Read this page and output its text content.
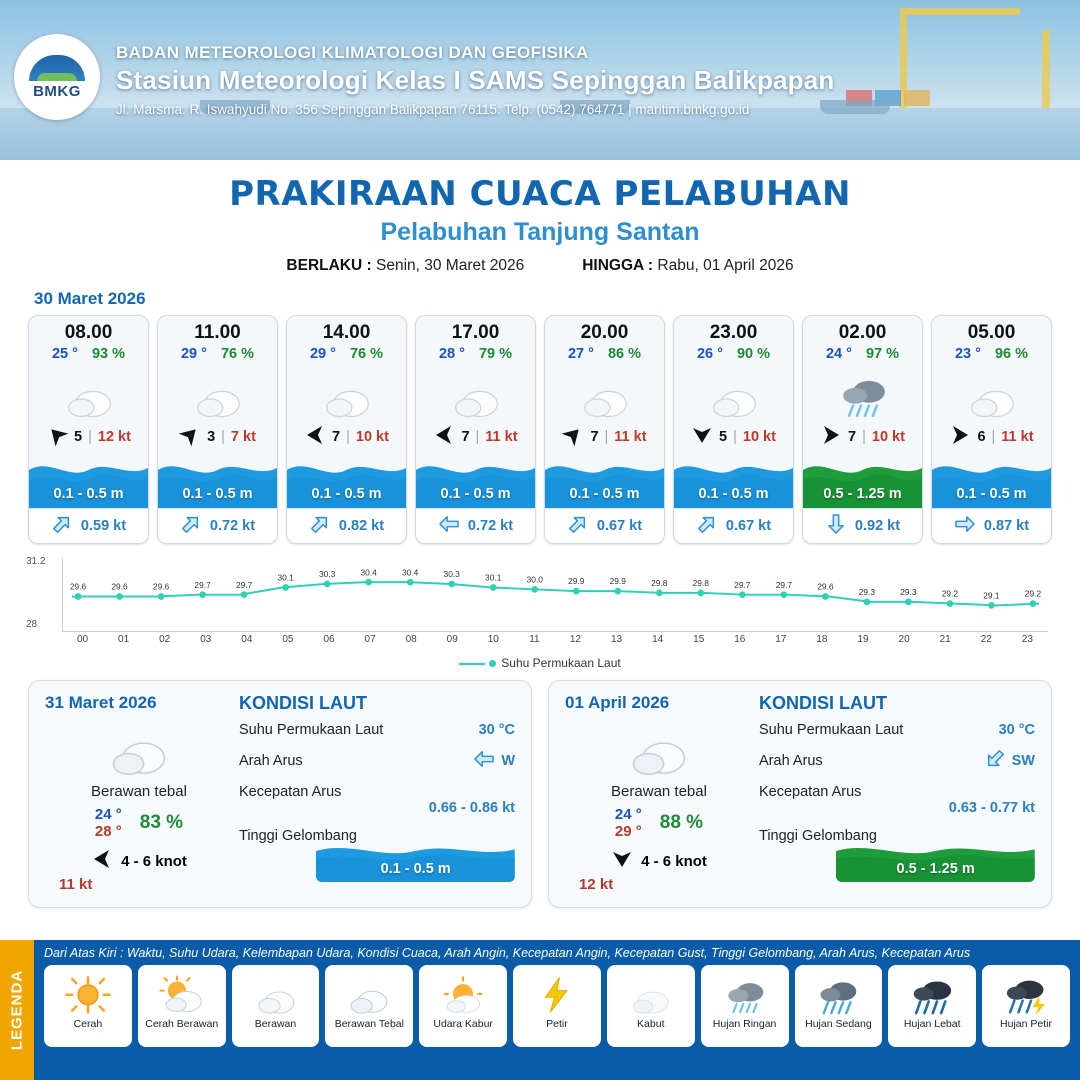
BMKG
BADAN METEOROLOGI KLIMATOLOGI DAN GEOFISIKA
Stasiun Meteorologi Kelas I SAMS Sepinggan Balikpapan
Jl. Marsma. R. Iswahyudi No. 356 Sepinggan Balikpapan 76115. Telp. (0542) 764771 | maritim.bmkg.go.id
PRAKIRAAN CUACA PELABUHAN
Pelabuhan Tanjung Santan
BERLAKU : Senin, 30 Maret 2026	HINGGA : Rabu, 01 April 2026
30 Maret 2026
08.00
25 ° 93 %
5 | 12 kt
0.1 - 0.5 m
0.59 kt
11.00
29 ° 76 %
3 | 7 kt
0.1 - 0.5 m
0.72 kt
14.00
29 ° 76 %
7 | 10 kt
0.1 - 0.5 m
0.82 kt
17.00
28 ° 79 %
7 | 11 kt
0.1 - 0.5 m
0.72 kt
20.00
27 ° 86 %
7 | 11 kt
0.1 - 0.5 m
0.67 kt
23.00
26 ° 90 %
5 | 10 kt
0.1 - 0.5 m
0.67 kt
02.00
24 ° 97 %
7 | 10 kt
0.5 - 1.25 m
0.92 kt
05.00
23 ° 96 %
6 | 11 kt
0.1 - 0.5 m
0.87 kt
31.2
28
29.6	29.6	29.6	29.7	29.7
30.1	30.3	30.4	30.4	30.3	30.1	30.0	29.9	29.9	29.8	29.8	29.7	29.7	29.6
29.3	29.3	29.2	29.1	29.2
00	01	02	03	04	05	06	07	08	09	10	11	12	13	14	15	16	17	18	19	20	21	22	23
Suhu Permukaan Laut
31 Maret 2026
Berawan tebal
24 °
28 ° 83 %
4 - 6 knot
11 kt
KONDISI LAUT
Suhu Permukaan Laut	30 °C
Arah Arus	W
Kecepatan Arus
0.66 - 0.86 kt
Tinggi Gelombang
0.1 - 0.5 m
01 April 2026
Berawan tebal
24 °
29 ° 88 %
4 - 6 knot
12 kt
KONDISI LAUT
Suhu Permukaan Laut	30 °C
Arah Arus	SW
Kecepatan Arus
0.63 - 0.77 kt
Tinggi Gelombang
0.5 - 1.25 m
LEGENDA
Dari Atas Kiri : Waktu, Suhu Udara, Kelembapan Udara, Kondisi Cuaca, Arah Angin, Kecepatan Angin, Kecepatan Gust, Tinggi Gelombang, Arah Arus, Kecepatan Arus
Cerah	Cerah Berawan	Berawan	Berawan Tebal	Udara Kabur	Petir	Kabut	Hujan Ringan	Hujan Sedang	Hujan Lebat	Hujan Petir
